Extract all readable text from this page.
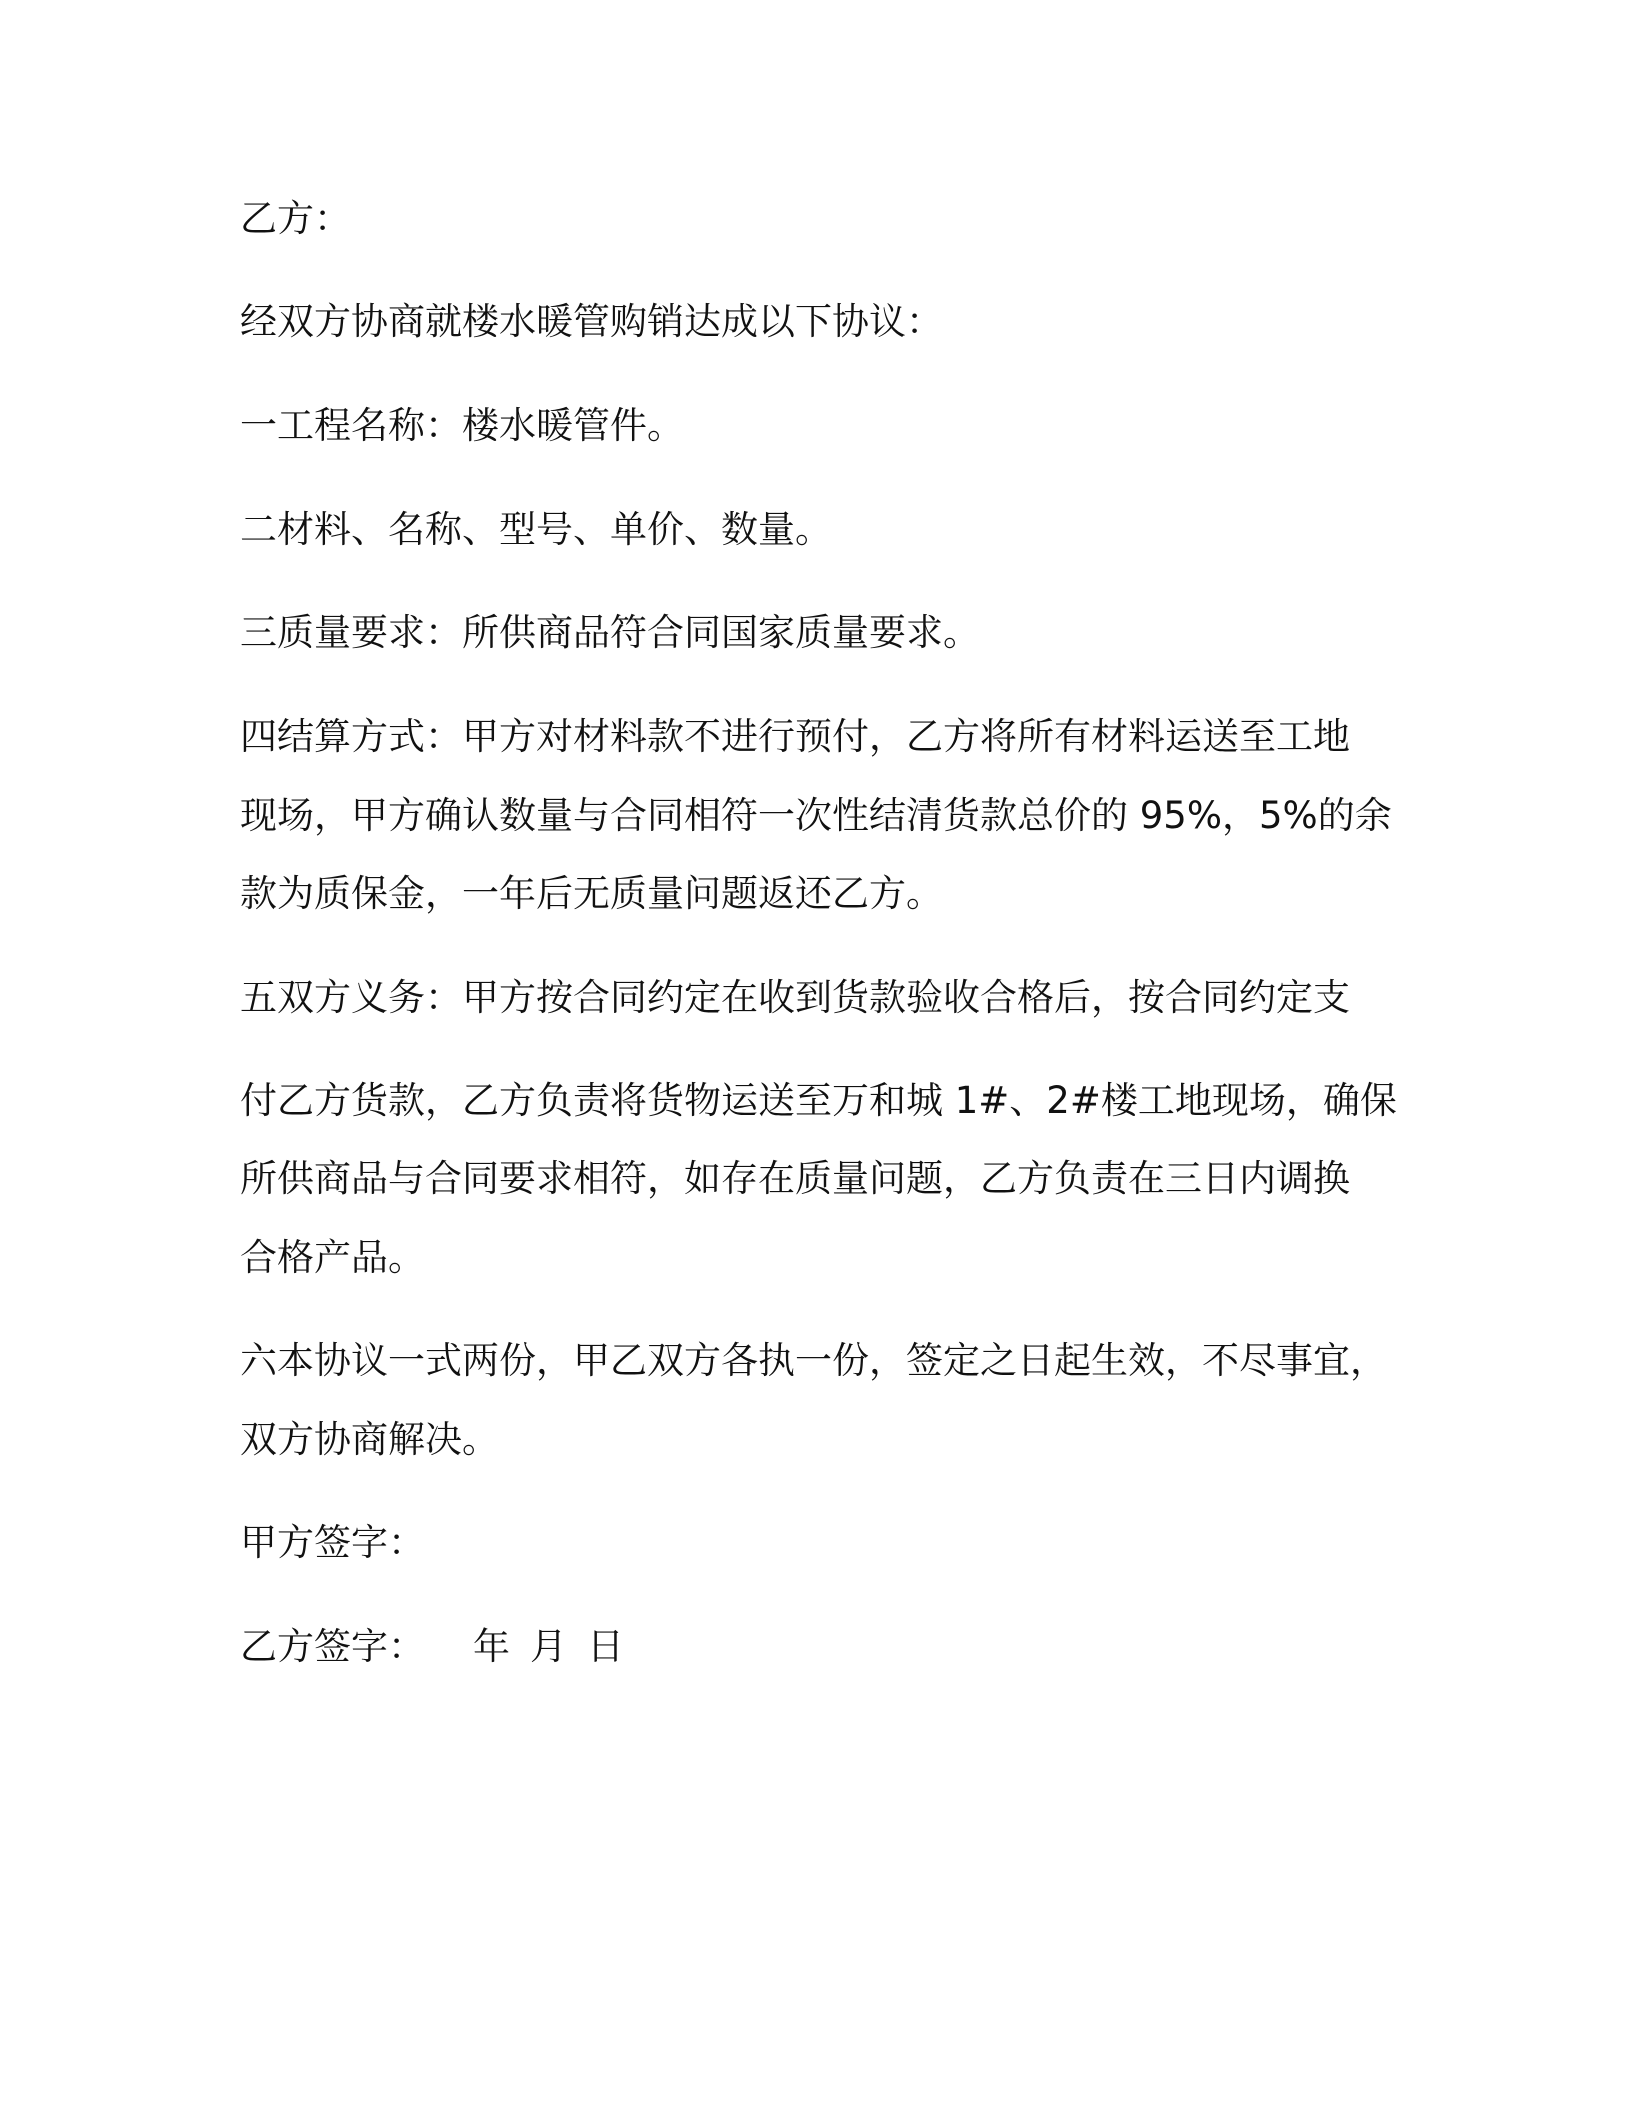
乙方：
经双方协商就楼水暖管购销达成以下协议：
一工程名称：楼水暖管件。
二材料、名称、型号、单价、数量。
三质量要求：所供商品符合同国家质量要求。
四结算方式：甲方对材料款不进行预付，乙方将所有材料运送至工地
现场，甲方确认数量与合同相符一次性结清货款总价的 95%，5%的余
款为质保金，一年后无质量问题返还乙方。
五双方义务：甲方按合同约定在收到货款验收合格后，按合同约定支
付乙方货款，乙方负责将货物运送至万和城 1#、2#楼工地现场，确保
所供商品与合同要求相符，如存在质量问题，乙方负责在三日内调换
合格产品。
六本协议一式两份，甲乙双方各执一份，签定之日起生效，不尽事宜，
双方协商解决。
甲方签字：
乙方签字： 年 月 日
